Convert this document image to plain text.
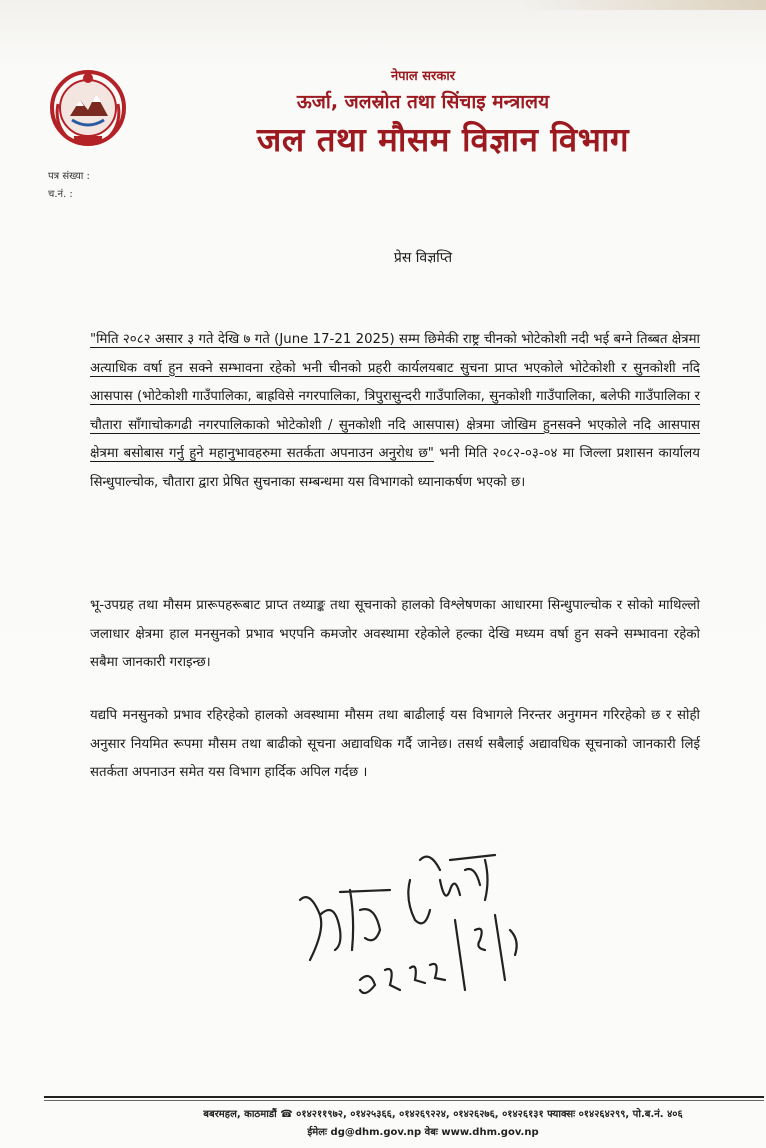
नेपाल सरकार
ऊर्जा, जलस्रोत तथा सिंचाइ मन्त्रालय
जल तथा मौसम विज्ञान विभाग
पत्र संख्या :
च.नं. :
प्रेस विज्ञप्ति
"मिति २०८२ असार ३ गते देखि ७ गते (June 17-21 2025) सम्म छिमेकी राष्ट्र चीनको भोटेकोशी नदी भई बग्ने तिब्बत क्षेत्रमा अत्याधिक वर्षा हुन सक्ने सम्भावना रहेको भनी चीनको प्रहरी कार्यलयबाट सुचना प्राप्त भएकोले भोटेकोशी र सुनकोशी नदि आसपास (भोटेकोशी गाउँपालिका, बाह्रविसे नगरपालिका, त्रिपुरासुन्दरी गाउँपालिका, सुनकोशी गाउँपालिका, बलेफी गाउँपालिका र चौतारा साँगाचोकगढी नगरपालिकाको भोटेकोशी / सुनकोशी नदि आसपास) क्षेत्रमा जोखिम हुनसक्ने भएकोले नदि आसपास क्षेत्रमा बसोबास गर्नु हुने महानुभावहरुमा सतर्कता अपनाउन अनुरोध छ" भनी मिति २०८२-०३-०४ मा जिल्ला प्रशासन कार्यालय सिन्धुपाल्चोक, चौतारा द्वारा प्रेषित सुचनाका सम्बन्धमा यस विभागको ध्यानाकर्षण भएको छ।
भू-उपग्रह तथा मौसम प्रारूपहरूबाट प्राप्त तथ्याङ्क तथा सूचनाको हालको विश्लेषणका आधारमा सिन्धुपाल्चोक र सोको माथिल्लो जलाधार क्षेत्रमा हाल मनसुनको प्रभाव भएपनि कमजोर अवस्थामा रहेकोले हल्का देखि मध्यम वर्षा हुन सक्ने सम्भावना रहेको सबैमा जानकारी गराइन्छ।
यद्यपि मनसुनको प्रभाव रहिरहेको हालको अवस्थामा मौसम तथा बाढीलाई यस विभागले निरन्तर अनुगमन गरिरहेको छ र सोही अनुसार नियमित रूपमा मौसम तथा बाढीको सूचना अद्यावधिक गर्दै जानेछ। तसर्थ सबैलाई अद्यावधिक सूचनाको जानकारी लिई सतर्कता अपनाउन समेत यस विभाग हार्दिक अपिल गर्दछ ।
बबरमहल, काठमाडौं ☎ ०१४२११९७२, ०१४२५३६६, ०१४२६९२२४, ०१४२६२७६, ०१४२६१३१ फ्याक्सः ०१४२६४२९९, पो.ब.नं. ४०६
ईमेलः dg@dhm.gov.np वेबः www.dhm.gov.np
